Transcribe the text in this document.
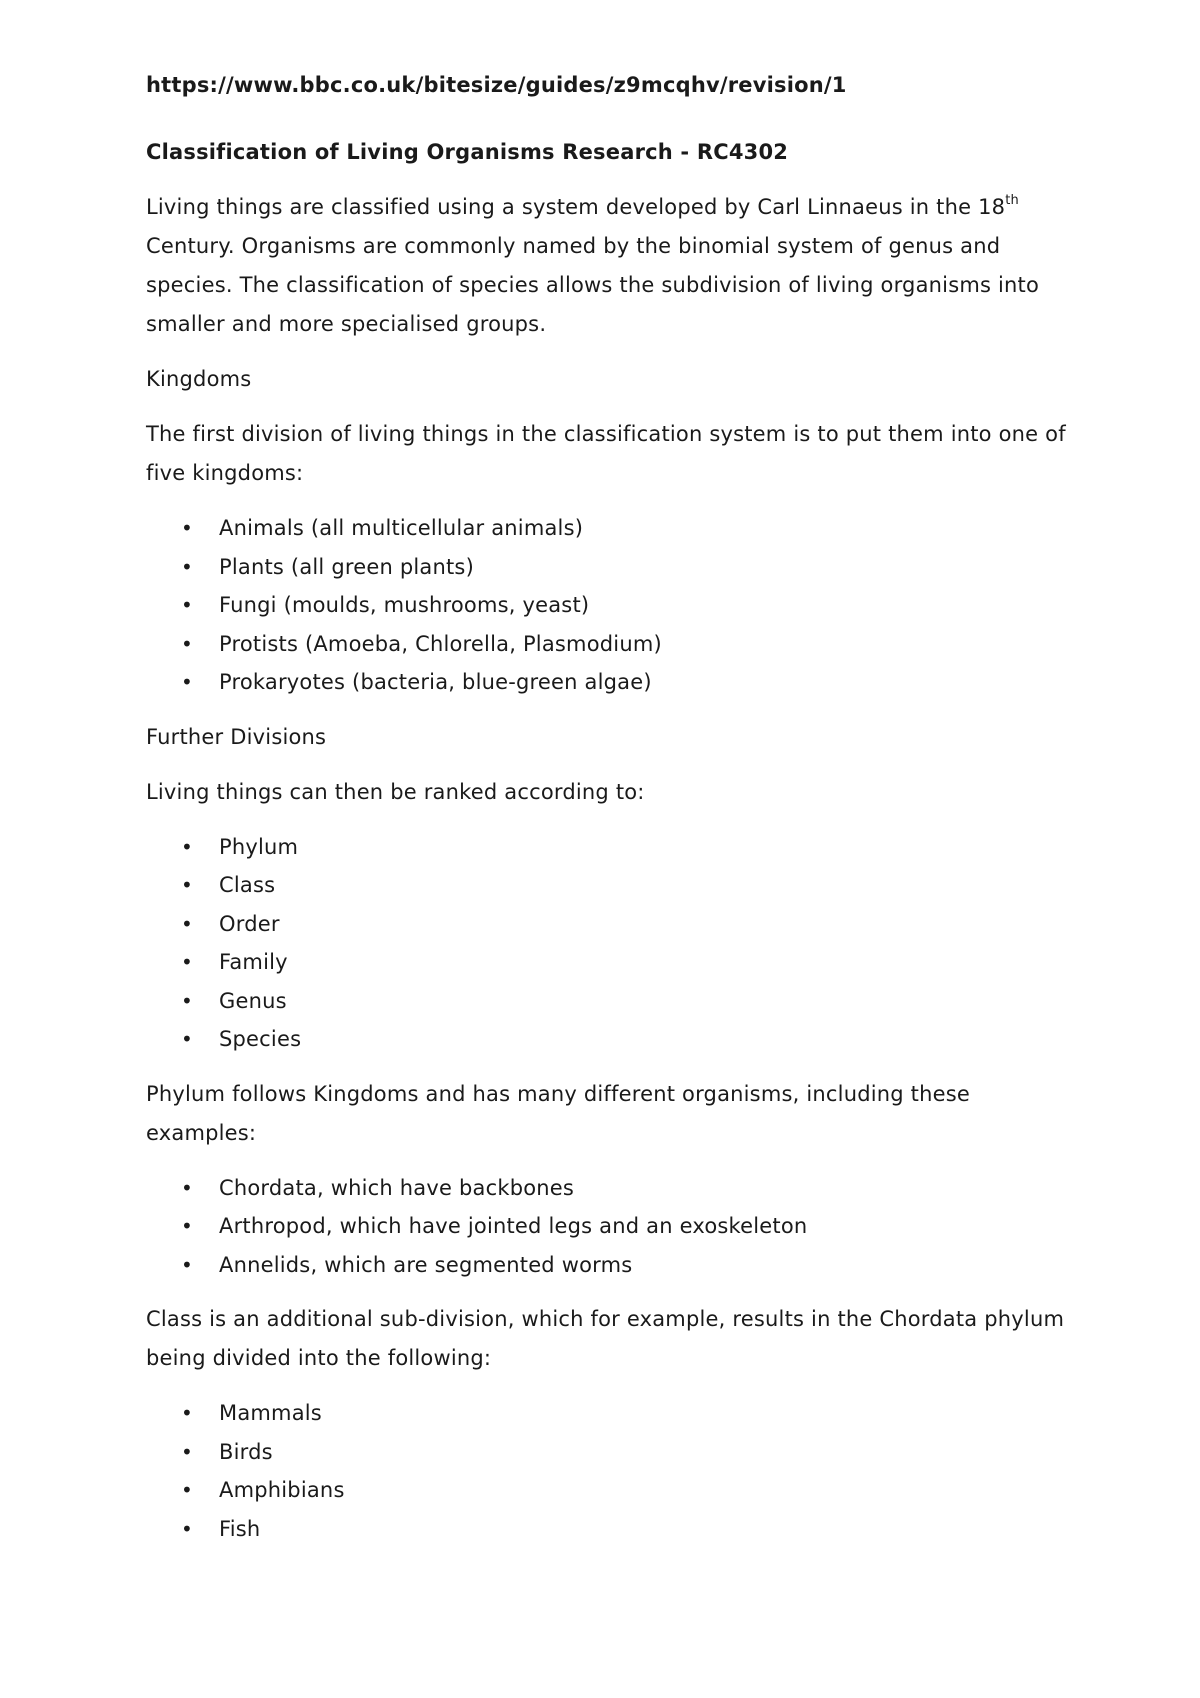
https://www.bbc.co.uk/bitesize/guides/z9mcqhv/revision/1
Classification of Living Organisms Research - RC4302

Living things are classified using a system developed by Carl Linnaeus in the 18th Century. Organisms are commonly named by the binomial system of genus and species. The classification of species allows the subdivision of living organisms into smaller and more specialised groups.

Kingdoms

The first division of living things in the classification system is to put them into one of five kingdoms:

• Animals (all multicellular animals)
• Plants (all green plants)
• Fungi (moulds, mushrooms, yeast)
• Protists (Amoeba, Chlorella, Plasmodium)
• Prokaryotes (bacteria, blue-green algae)

Further Divisions

Living things can then be ranked according to:

• Phylum
• Class
• Order
• Family
• Genus
• Species

Phylum follows Kingdoms and has many different organisms, including these examples:

• Chordata, which have backbones
• Arthropod, which have jointed legs and an exoskeleton
• Annelids, which are segmented worms

Class is an additional sub-division, which for example, results in the Chordata phylum being divided into the following:

• Mammals
• Birds
• Amphibians
• Fish
